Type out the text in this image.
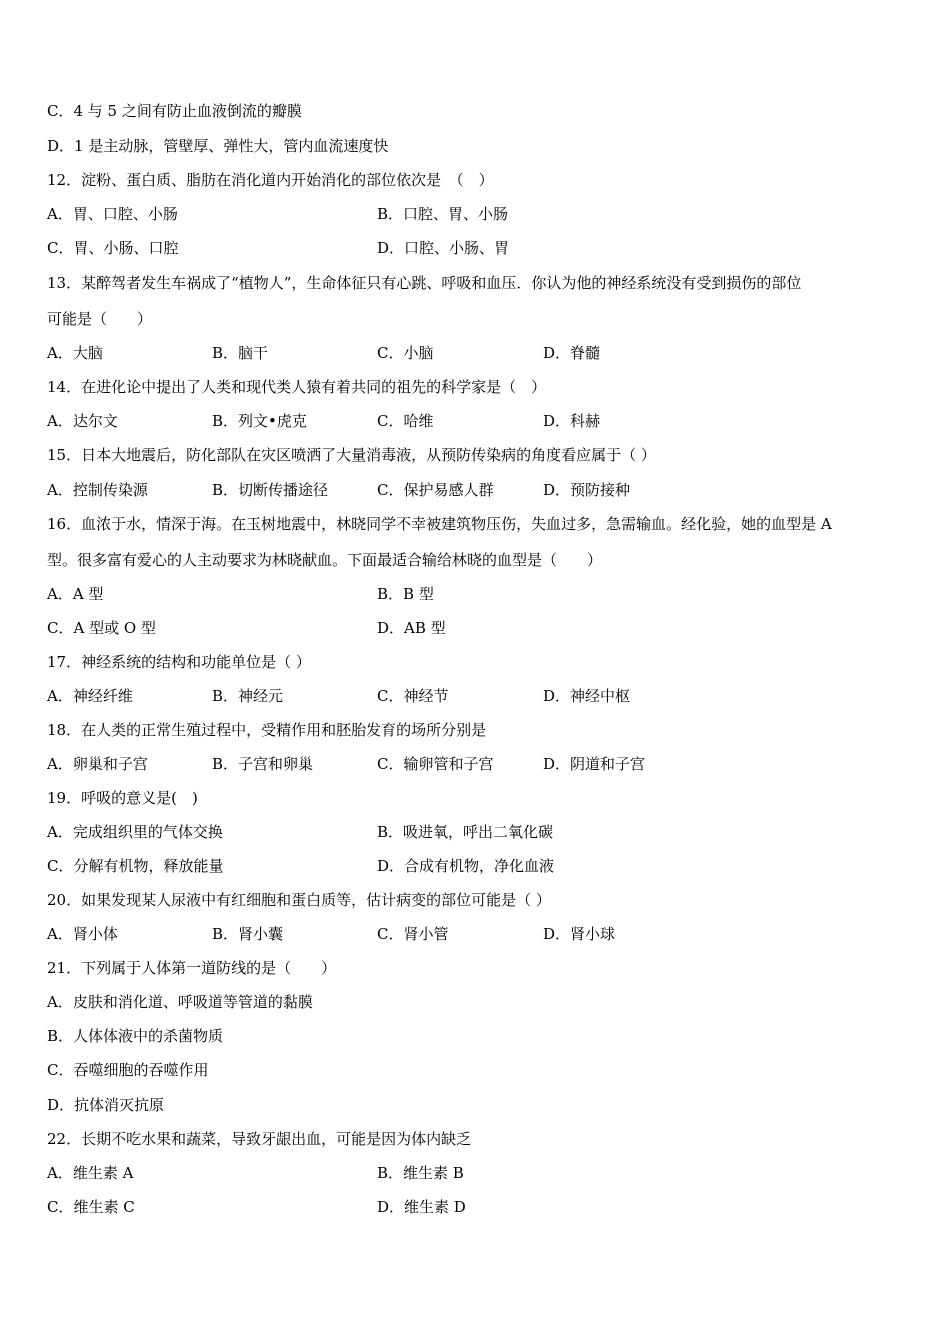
C．4 与 5 之间有防止血液倒流的瓣膜
D．1 是主动脉，管壁厚、弹性大，管内血流速度快
12．淀粉、蛋白质、脂肪在消化道内开始消化的部位依次是　（　）
A．胃、口腔、小肠	B．口腔、胃、小肠
C．胃、小肠、口腔	D．口腔、小肠、胃
13．某醉驾者发生车祸成了“植物人”，生命体征只有心跳、呼吸和血压．你认为他的神经系统没有受到损伤的部位
可能是（　　）
A．大脑	B．脑干	C．小脑	D．脊髓
14．在进化论中提出了人类和现代类人猿有着共同的祖先的科学家是（　）
A．达尔文	B．列文•虎克	C．哈维	D．科赫
15．日本大地震后，防化部队在灾区喷洒了大量消毒液，从预防传染病的角度看应属于（ ）
A．控制传染源	B．切断传播途径	C．保护易感人群	D．预防接种
16．血浓于水，情深于海。在玉树地震中，林晓同学不幸被建筑物压伤，失血过多，急需输血。经化验，她的血型是 A
型。很多富有爱心的人主动要求为林晓献血。下面最适合输给林晓的血型是（　　）
A．A 型	B．B 型
C．A 型或 O 型	D．AB 型
17．神经系统的结构和功能单位是（ ）
A．神经纤维	B．神经元	C．神经节	D．神经中枢
18．在人类的正常生殖过程中，受精作用和胚胎发育的场所分别是
A．卵巢和子宫	B．子宫和卵巢	C．输卵管和子宫	D．阴道和子宫
19．呼吸的意义是(　)
A．完成组织里的气体交换	B．吸进氧，呼出二氧化碳
C．分解有机物，释放能量	D．合成有机物，净化血液
20．如果发现某人尿液中有红细胞和蛋白质等，估计病变的部位可能是（ ）
A．肾小体	B．肾小囊	C．肾小管	D．肾小球
21．下列属于人体第一道防线的是（　　）
A．皮肤和消化道、呼吸道等管道的黏膜
B．人体体液中的杀菌物质
C．吞噬细胞的吞噬作用
D．抗体消灭抗原
22．长期不吃水果和蔬菜，导致牙龈出血，可能是因为体内缺乏
A．维生素 A	B．维生素 B
C．维生素 C	D．维生素 D
